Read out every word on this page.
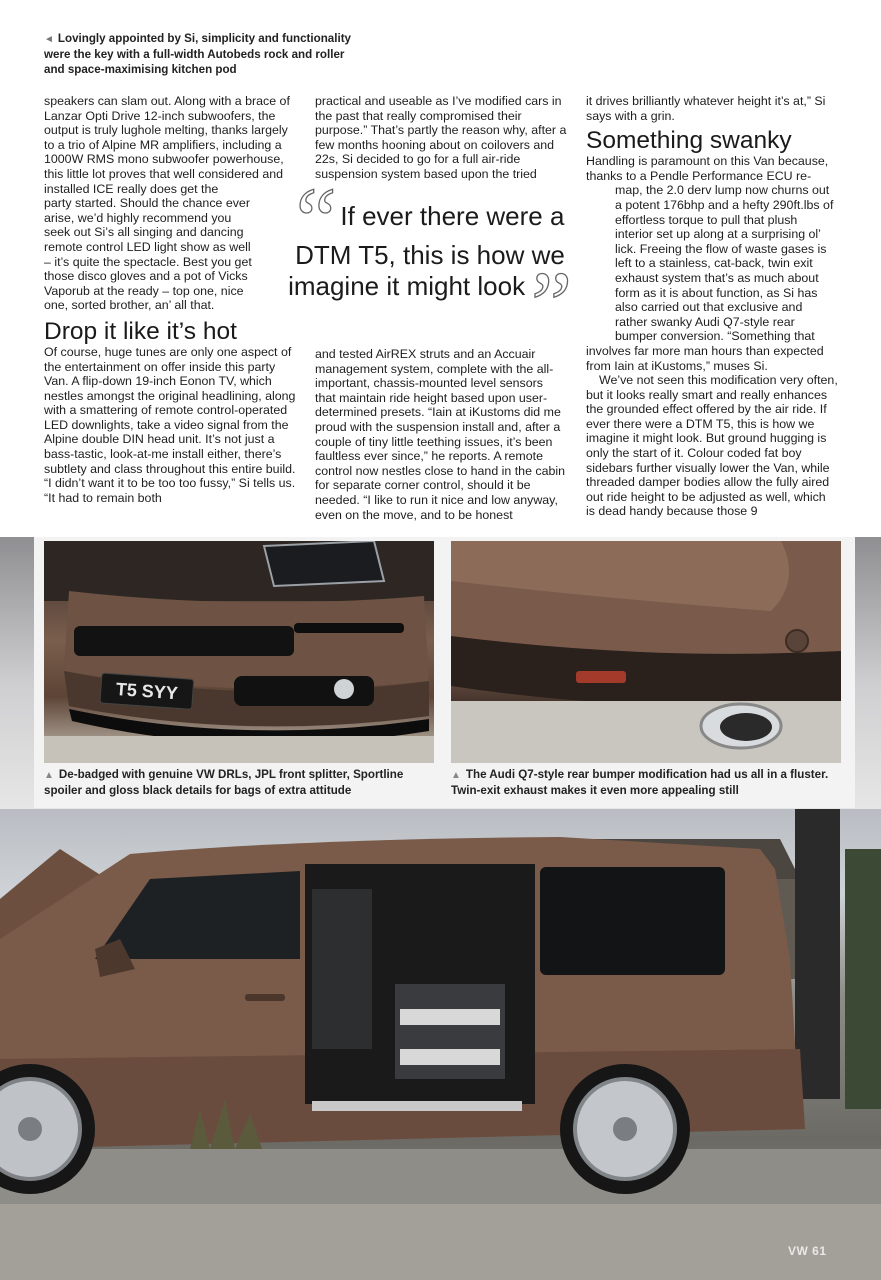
◄ Lovingly appointed by Si, simplicity and functionality were the key with a full-width Autobeds rock and roller and space-maximising kitchen pod

speakers can slam out. Along with a brace of Lanzar Opti Drive 12-inch subwoofers, the output is truly lughole melting, thanks largely to a trio of Alpine MR amplifiers, including a 1000W RMS mono subwoofer powerhouse, this little lot proves that well considered and installed ICE really does get the

party started. Should the chance ever arise, we’d highly recommend you seek out Si’s all singing and dancing remote control LED light show as well – it’s quite the spectacle. Best you get those disco gloves and a pot of Vicks Vaporub at the ready – top one, nice one, sorted brother, an’ all that.

Drop it like it’s hot

Of course, huge tunes are only one aspect of the entertainment on offer inside this party Van. A flip-down 19-inch Eonon TV, which nestles amongst the original headlining, along with a smattering of remote control-operated LED downlights, take a video signal from the Alpine double DIN head unit. It’s not just a bass-tastic, look-at-me install either, there’s subtlety and class throughout this entire build. “I didn’t want it to be too too fussy,” Si tells us. “It had to remain both

practical and useable as I’ve modified cars in the past that really compromised their purpose.” That’s partly the reason why, after a few months hooning about on coilovers and 22s, Si decided to go for a full air-ride suspension system based upon the tried

“ If ever there were a DTM T5, this is how we imagine it might look”

and tested AirREX struts and an Accuair management system, complete with the all-important, chassis-mounted level sensors that maintain ride height based upon user-determined presets. “Iain at iKustoms did me proud with the suspension install and, after a couple of tiny little teething issues, it’s been faultless ever since,” he reports. A remote control now nestles close to hand in the cabin for separate corner control, should it be needed. “I like to run it nice and low anyway, even on the move, and to be honest

it drives brilliantly whatever height it’s at,” Si says with a grin.

Something swanky

Handling is paramount on this Van because, thanks to a Pendle Performance ECU re-

map, the 2.0 derv lump now churns out a potent 176bhp and a hefty 290ft.lbs of effortless torque to pull that plush interior set up along at a surprising ol’ lick. Freeing the flow of waste gases is left to a stainless, cat-back, twin exit exhaust system that’s as much about form as it is about function, as Si has also carried out that exclusive and rather swanky Audi Q7-style rear bumper conversion. “Something that

involves far more man hours than expected from Iain at iKustoms,” muses Si.

We’ve not seen this modification very often, but it looks really smart and really enhances the grounded effect offered by the air ride. If ever there were a DTM T5, this is how we imagine it might look. But ground hugging is only the start of it. Colour coded fat boy sidebars further visually lower the Van, while threaded damper bodies allow the fully aired out ride height to be adjusted as well, which is dead handy because those 9

T5 SYY
▲ De-badged with genuine VW DRLs, JPL front splitter, Sportline spoiler and gloss black details for bags of extra attitude
▲ The Audi Q7-style rear bumper modification had us all in a fluster. Twin-exit exhaust makes it even more appealing still
VW 61
